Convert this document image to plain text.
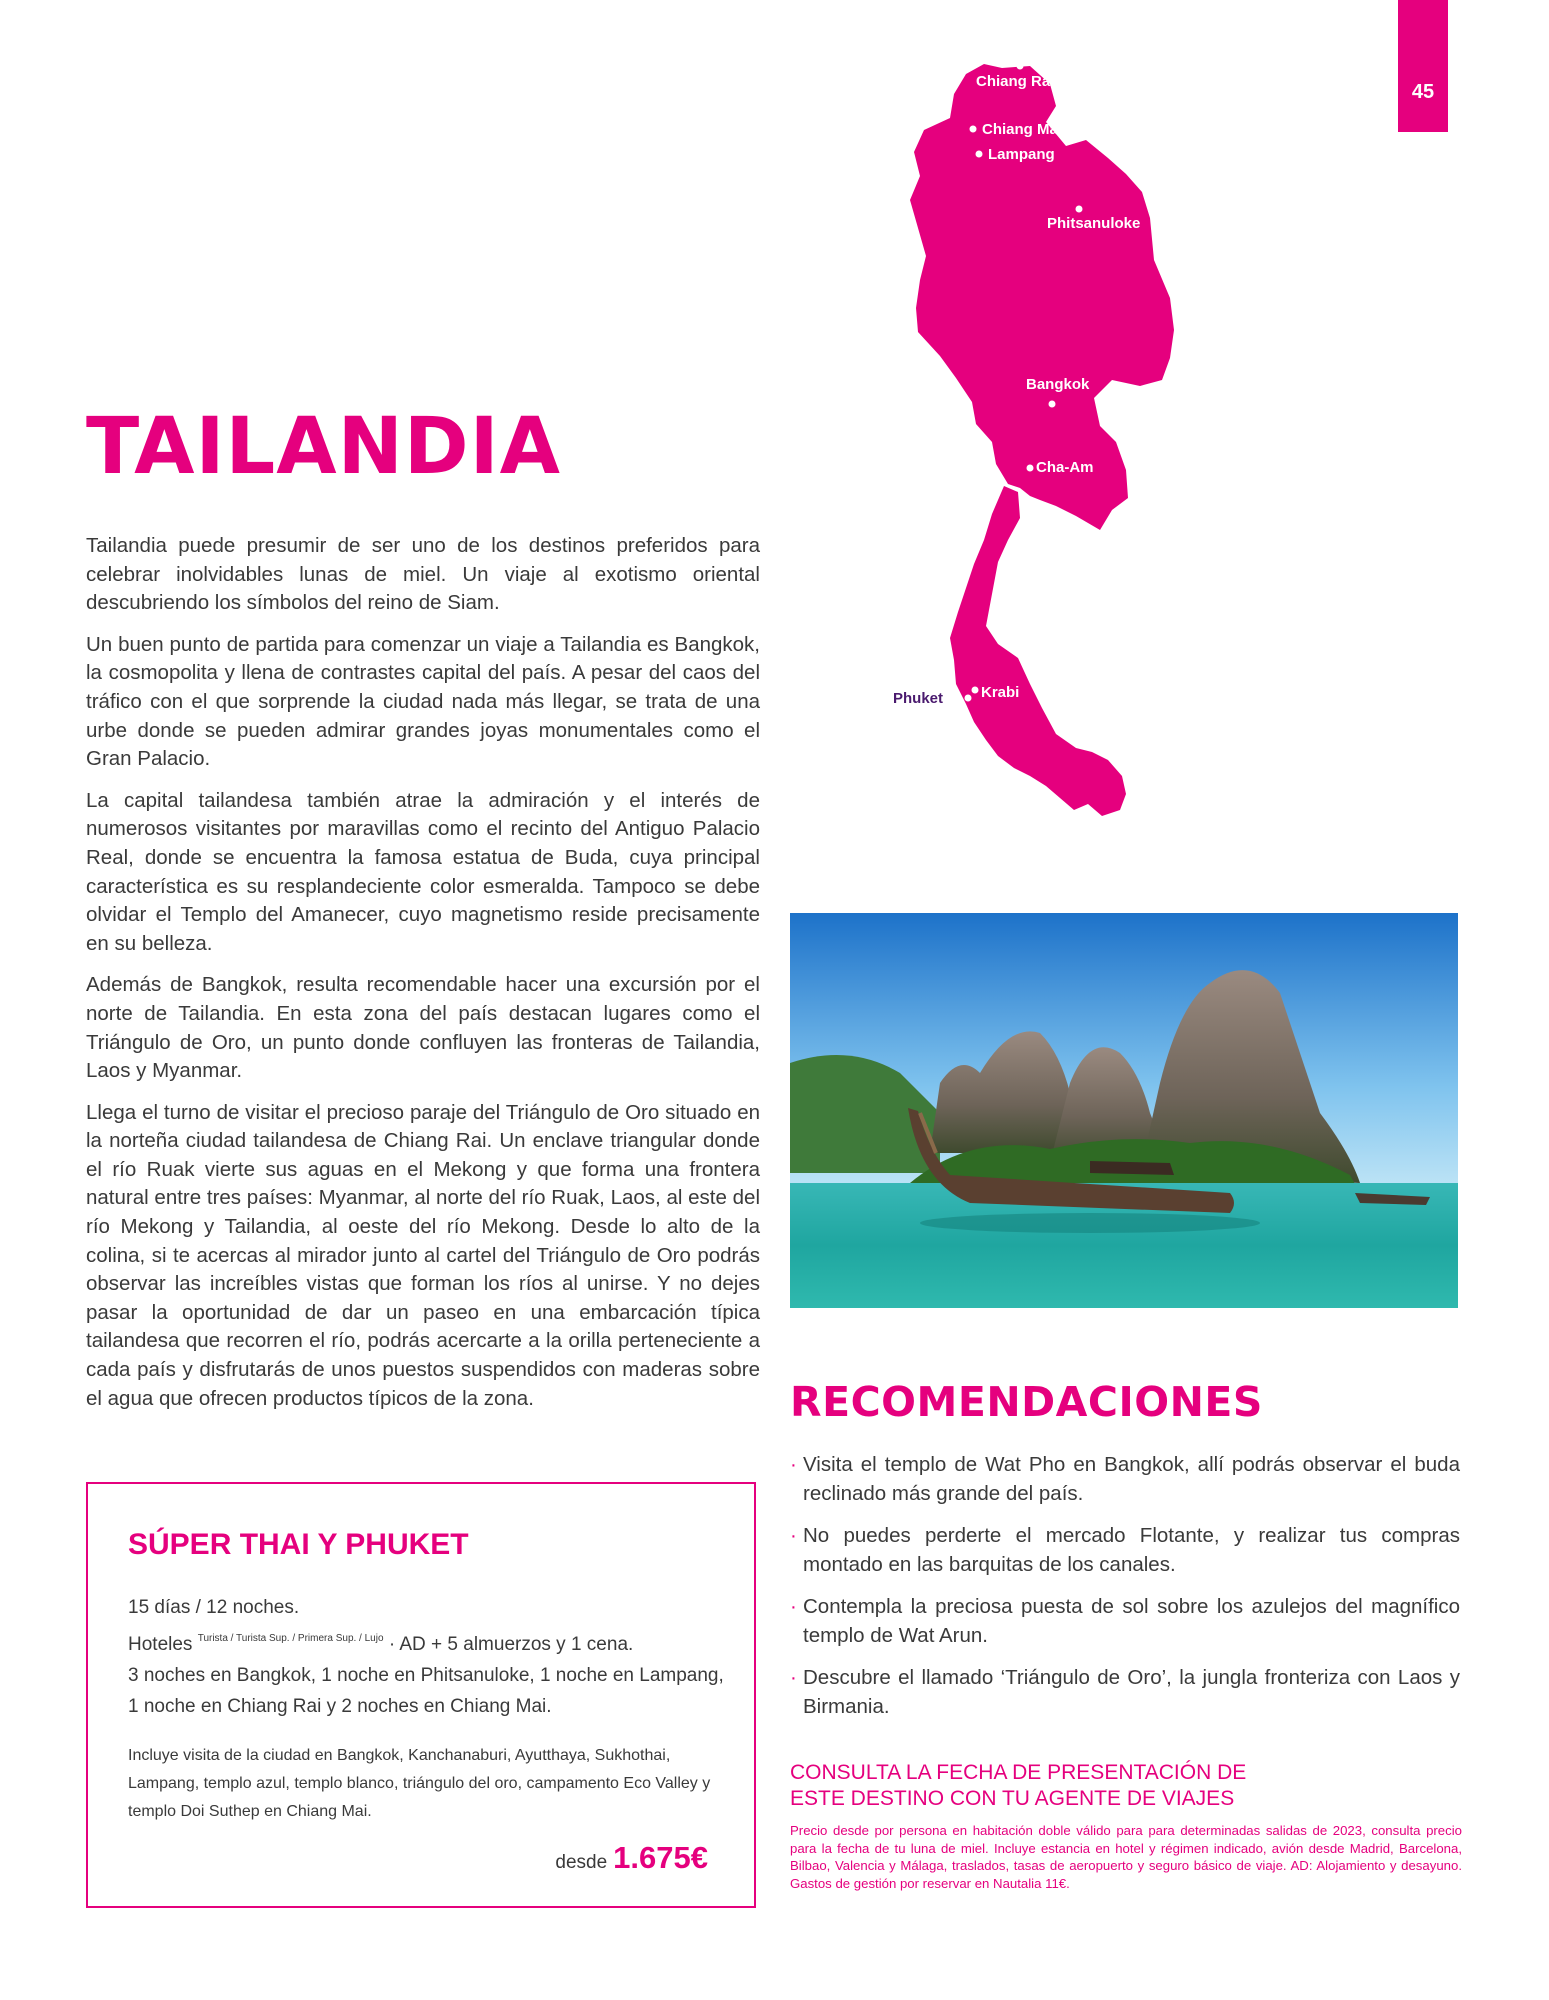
45
TAILANDIA

Tailandia puede presumir de ser uno de los destinos preferidos para celebrar inolvidables lunas de miel. Un viaje al exotismo oriental descubriendo los símbolos del reino de Siam.

Un buen punto de partida para comenzar un viaje a Tailandia es Bangkok, la cosmopolita y llena de contrastes capital del país. A pesar del caos del tráfico con el que sorprende la ciudad nada más llegar, se trata de una urbe donde se pueden admirar grandes joyas monumentales como el Gran Palacio.

La capital tailandesa también atrae la admiración y el interés de numerosos visitantes por maravillas como el recinto del Antiguo Palacio Real, donde se encuentra la famosa estatua de Buda, cuya principal característica es su resplandeciente color esmeralda. Tampoco se debe olvidar el Templo del Amanecer, cuyo magnetismo reside precisamente en su belleza.

Además de Bangkok, resulta recomendable hacer una excursión por el norte de Tailandia. En esta zona del país destacan lugares como el Triángulo de Oro, un punto donde confluyen las fronteras de Tailandia, Laos y Myanmar.

Llega el turno de visitar el precioso paraje del Triángulo de Oro situado en la norteña ciudad tailandesa de Chiang Rai. Un enclave triangular donde el río Ruak vierte sus aguas en el Mekong y que forma una frontera natural entre tres países: Myanmar, al norte del río Ruak, Laos, al este del río Mekong y Tailandia, al oeste del río Mekong. Desde lo alto de la colina, si te acercas al mirador junto al cartel del Triángulo de Oro podrás observar las increíbles vistas que forman los ríos al unirse. Y no dejes pasar la oportunidad de dar un paseo en una embarcación típica tailandesa que recorren el río, podrás acercarte a la orilla perteneciente a cada país y disfrutarás de unos puestos suspendidos con maderas sobre el agua que ofrecen productos típicos de la zona.

Chiang Rai
Chiang Mai
Lampang
Phitsanuloke
Bangkok
Cha-Am
Krabi
Phuket
SÚPER THAI Y PHUKET
15 días / 12 noches.
Hoteles $^{Turista / Turista Sup. / Primera Sup. / Lujo}$ · AD + 5 almuerzos y 1 cena.
3 noches en Bangkok, 1 noche en Phitsanuloke, 1 noche en Lampang, 1 noche en Chiang Rai y 2 noches en Chiang Mai.
Incluye visita de la ciudad en Bangkok, Kanchanaburi, Ayutthaya, Sukhothai, Lampang, templo azul, templo blanco, triángulo del oro, campamento Eco Valley y templo Doi Suthep en Chiang Mai.
desde 1.675€
RECOMENDACIONES
· Visita el templo de Wat Pho en Bangkok, allí podrás observar el buda reclinado más grande del país.
· No puedes perderte el mercado Flotante, y realizar tus compras montado en las barquitas de los canales.
· Contempla la preciosa puesta de sol sobre los azulejos del magnífico templo de Wat Arun.
· Descubre el llamado ‘Triángulo de Oro’, la jungla fronteriza con Laos y Birmania.
CONSULTA LA FECHA DE PRESENTACIÓN DE
ESTE DESTINO CON TU AGENTE DE VIAJES
Precio desde por persona en habitación doble válido para para determinadas salidas de 2023, consulta precio para la fecha de tu luna de miel. Incluye estancia en hotel y régimen indicado, avión desde Madrid, Barcelona, Bilbao, Valencia y Málaga, traslados, tasas de aeropuerto y seguro básico de viaje. AD: Alojamiento y desayuno. Gastos de gestión por reservar en Nautalia 11€.
